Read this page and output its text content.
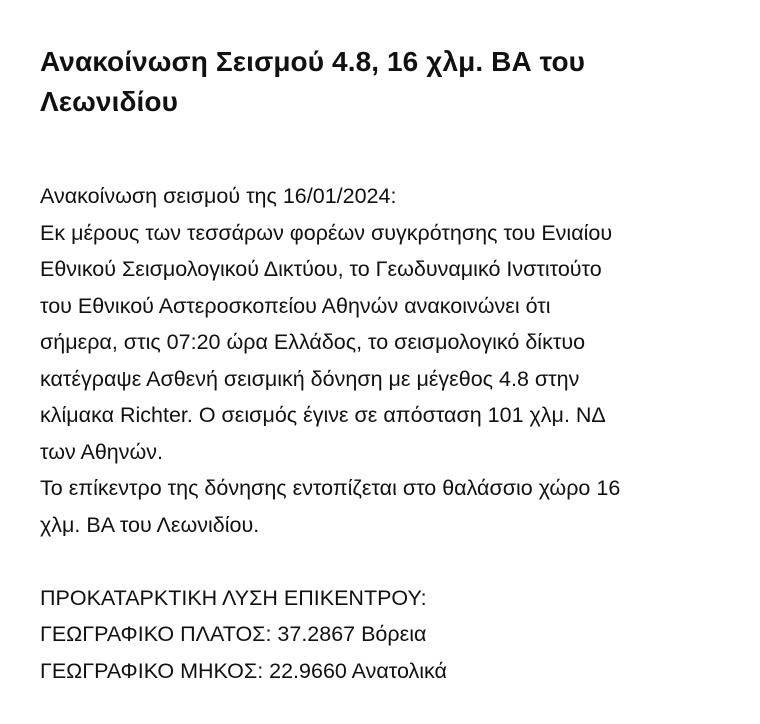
Ανακοίνωση Σεισμού 4.8, 16 χλμ. ΒΑ του
Λεωνιδίου
Ανακοίνωση σεισμού της 16/01/2024:
Εκ μέρους των τεσσάρων φορέων συγκρότησης του Ενιαίου
Εθνικού Σεισμολογικού Δικτύου, το Γεωδυναμικό Ινστιτούτο
του Εθνικού Αστεροσκοπείου Αθηνών ανακοινώνει ότι
σήμερα, στις 07:20 ώρα Ελλάδος, το σεισμολογικό δίκτυο
κατέγραψε Ασθενή σεισμική δόνηση με μέγεθος 4.8 στην
κλίμακα Richter. Ο σεισμός έγινε σε απόσταση 101 χλμ. ΝΔ
των Αθηνών.
Το επίκεντρο της δόνησης εντοπίζεται στο θαλάσσιο χώρο 16
χλμ. ΒΑ του Λεωνιδίου.
ΠΡΟΚΑΤΑΡΚΤΙΚΗ ΛΥΣΗ ΕΠΙΚΕΝΤΡΟΥ:
ΓΕΩΓΡΑΦΙΚΟ ΠΛΑΤΟΣ: 37.2867 Βόρεια
ΓΕΩΓΡΑΦΙΚΟ ΜΗΚΟΣ: 22.9660 Ανατολικά
